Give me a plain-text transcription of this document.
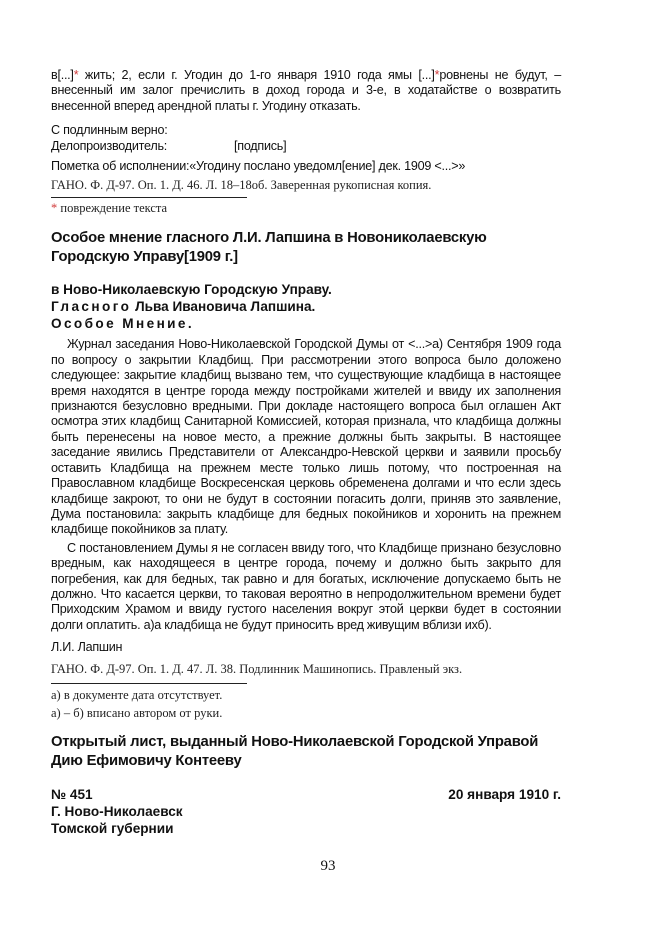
в[...]* жить; 2, если г. Угодин до 1-го января 1910 года ямы [...]*ровнены не будут, – внесенный им залог пречислить в доход города и 3-е, в ходатайстве о возвратить внесенной вперед арендной платы г. Угодину отказать.

С подлинным верно:

Делопроизводитель:	[подпись]

Пометка об исполнении:«Угодину послано уведомл[ение] дек. 1909 <...>»

ГАНО. Ф. Д-97. Оп. 1. Д. 46. Л. 18–18об. Заверенная рукописная копия.

* повреждение текста

Особое мнение гласного Л.И. Лапшина в Новониколаевскую Городскую Управу[1909 г.]

в Ново-Николаевскую Городскую Управу.

Гласного Льва Ивановича Лапшина.

Особое Мнение.

Журнал заседания Ново-Николаевской Городской Думы от <...>а) Сентября 1909 года по вопросу о закрытии Кладбищ. При рассмотрении этого вопроса было доложено следующее: закрытие кладбищ вызвано тем, что существующие кладбища в настоящее время находятся в центре города между постройками жителей и ввиду их заполнения признаются безусловно вредными. При докладе настоящего вопроса был оглашен Акт осмотра этих кладбищ Санитарной Комиссией, которая признала, что кладбища должны быть перенесены на новое место, а прежние должны быть закрыты. В настоящее заседание явились Представители от Александро-Невской церкви и заявили просьбу оставить Кладбища на прежнем месте только лишь потому, что построенная на Православном кладбище Воскресенская церковь обременена долгами и что если здесь кладбище закроют, то они не будут в состоянии погасить долги, приняв это заявление, Дума постановила: закрыть кладбище для бедных покойников и хоронить на прежнем кладбище покойников за плату.

С постановлением Думы я не согласен ввиду того, что Кладбище признано безусловно вредным, как находящееся в центре города, почему и должно быть закрыто для погребения, как для бедных, так равно и для богатых, исключение допускаемо быть не должно. Что касается церкви, то таковая вероятно в непродолжительном времени будет Приходским Храмом и ввиду густого населения вокруг этой церкви будет в состоянии долги оплатить. а)а кладбища не будут приносить вред живущим вблизи ихб).

Л.И. Лапшин

ГАНО. Ф. Д-97. Оп. 1. Д. 47. Л. 38. Подлинник Машинопись. Правленый экз.

а) в документе дата отсутствует.

а) – б) вписано автором от руки.

Открытый лист, выданный Ново-Николаевской Городской Управой Дию Ефимовичу Контееву

№ 451	20 января 1910 г.

Г. Ново-Николаевск

Томской губернии

93
